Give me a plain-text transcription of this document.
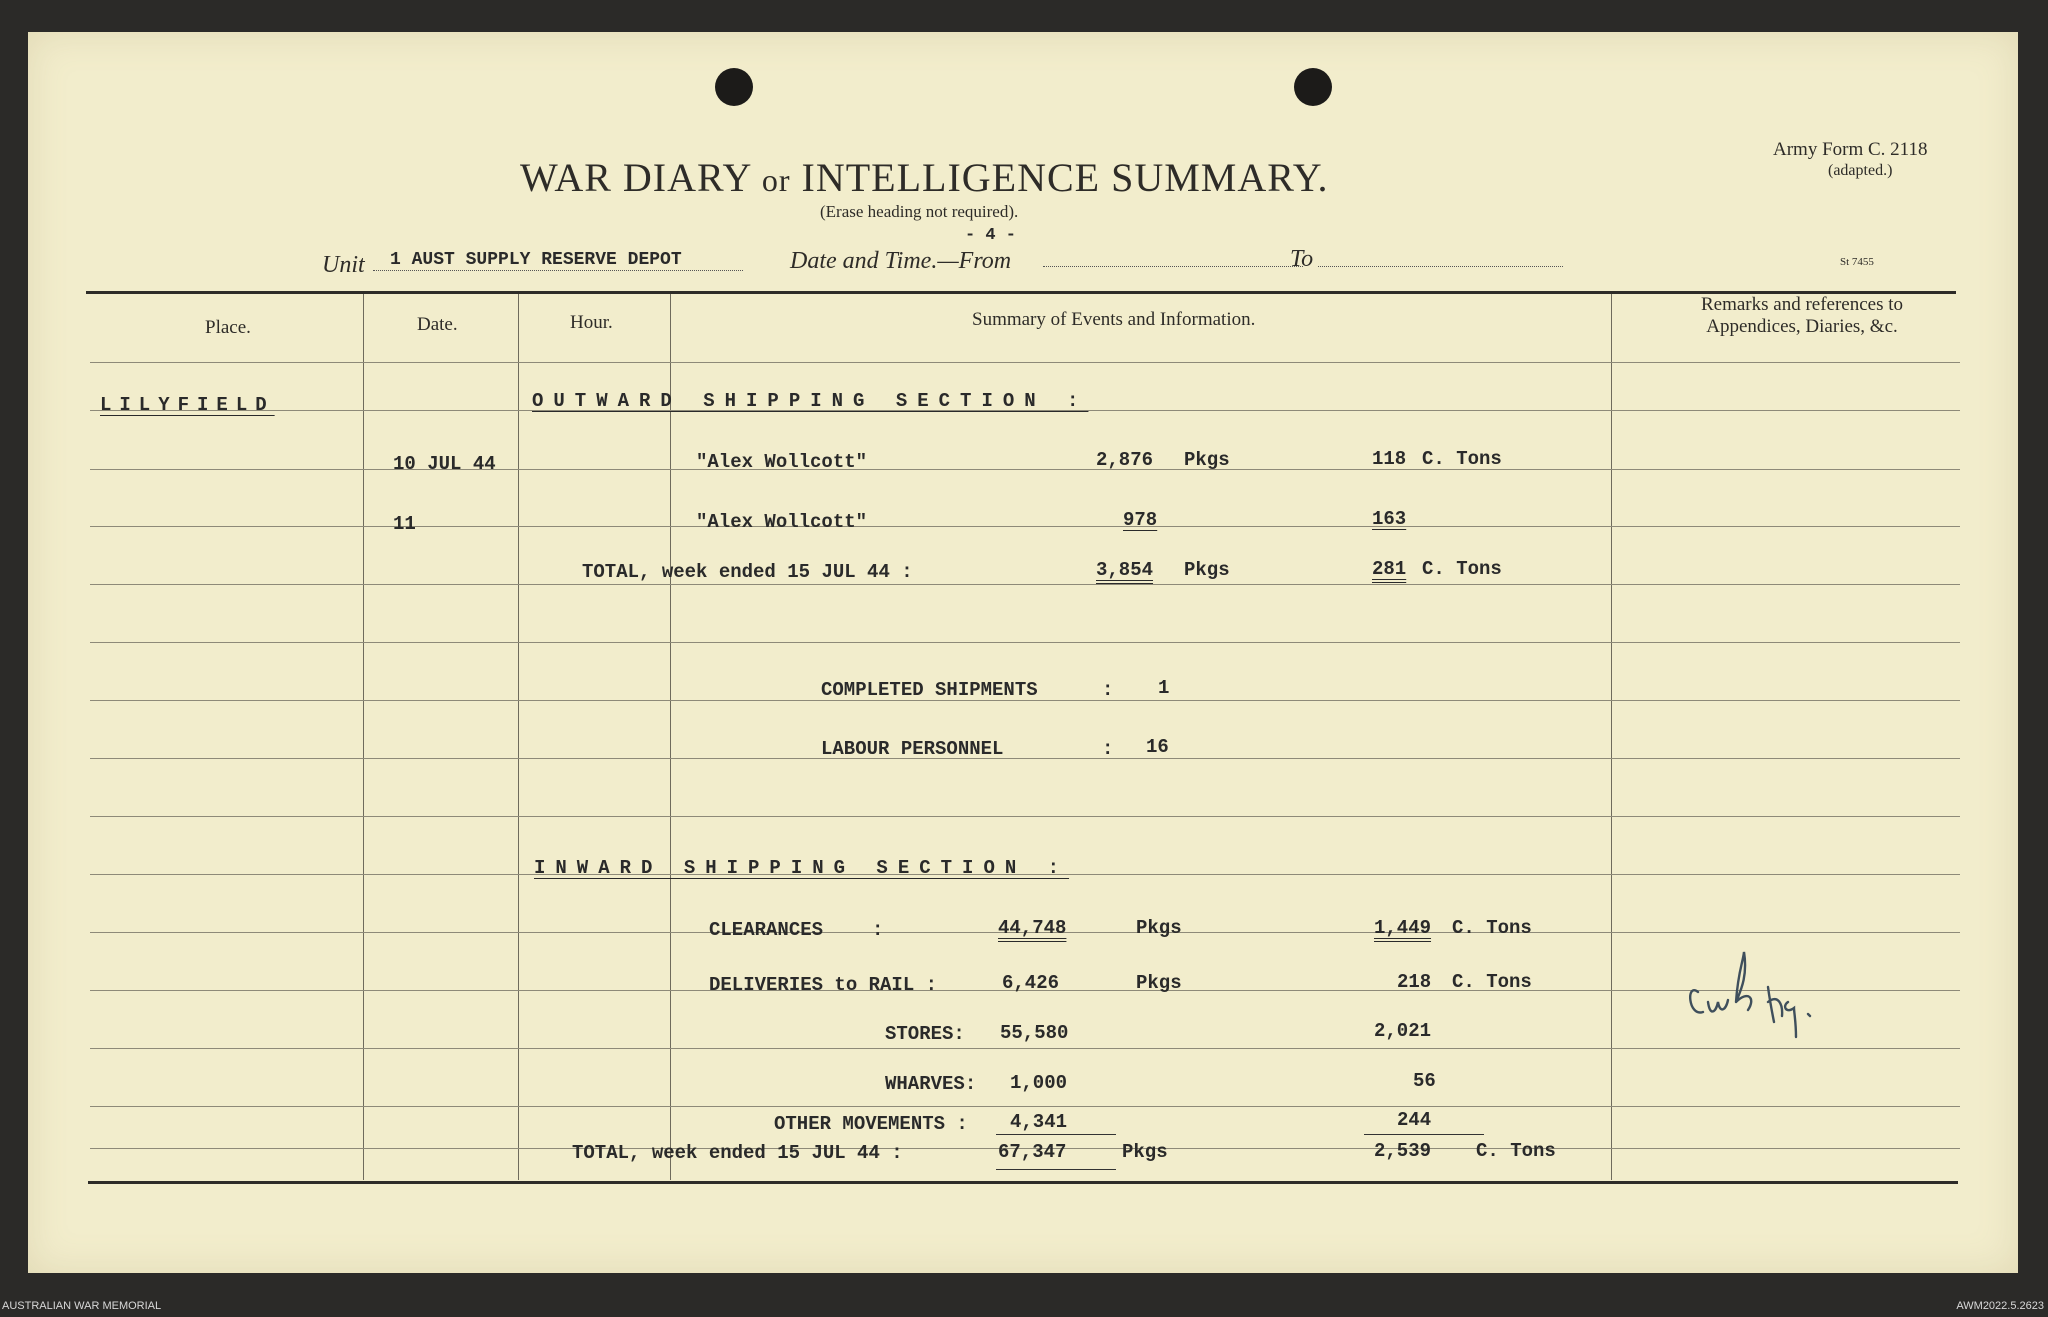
WAR DIARY or INTELLIGENCE SUMMARY.
(Erase heading not required).
- 4 -
Army Form C. 2118
(adapted.)
St 7455
Unit 1 AUST SUPPLY RESERVE DEPOT	Date and Time.—From	To
Place.	Date.	Hour.	Summary of Events and Information.
Remarks and references to
Appendices, Diaries, &c.
LILYFIELD	OUTWARD SHIPPING SECTION :
10 JUL 44	"Alex Wollcott"	2,876 Pkgs	118 C. Tons
11	"Alex Wollcott"	978	163
TOTAL, week ended 15 JUL 44 :	3,854 Pkgs	281 C. Tons
COMPLETED SHIPMENTS	: 1
LABOUR PERSONNEL	: 16
INWARD SHIPPING SECTION :
CLEARANCES	:	44,748	Pkgs	1,449 C. Tons
DELIVERIES to RAIL :	6,426	Pkgs	218 C. Tons
STORES: 55,580	2,021
WHARVES: 1,000	56
OTHER MOVEMENTS : 4,341	244
TOTAL, week ended 15 JUL 44 :	67,347	Pkgs	2,539 C. Tons
AUSTRALIAN WAR MEMORIAL	AWM2022.5.2623
